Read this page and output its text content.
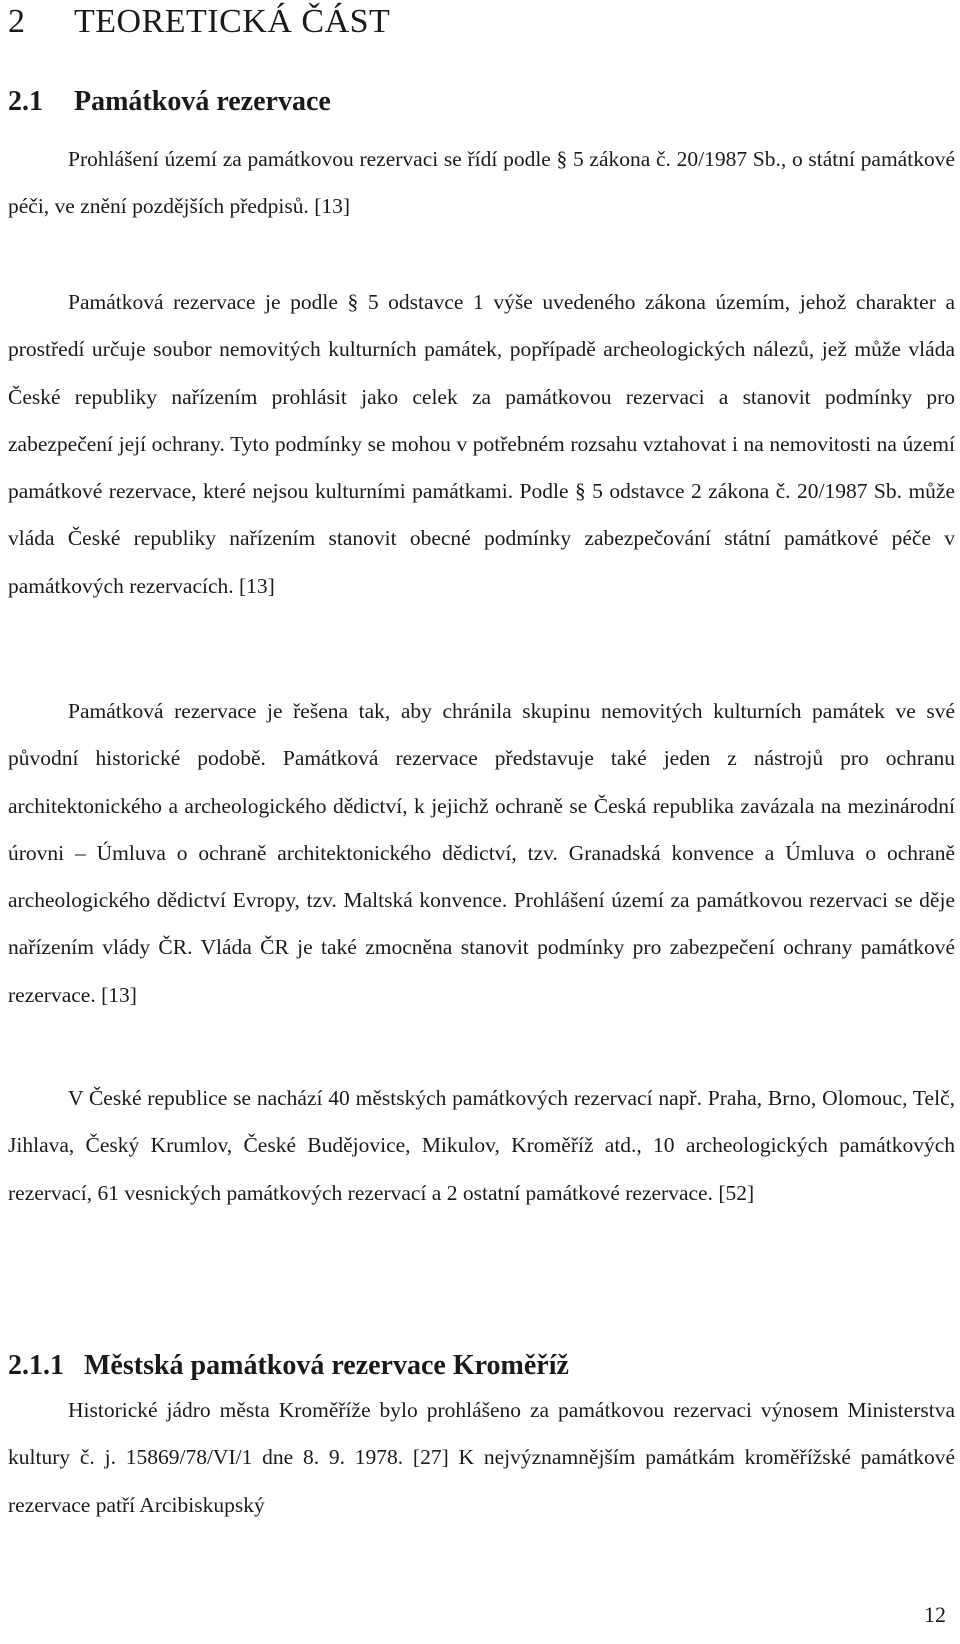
2 TEORETICKÁ ČÁST
2.1 Památková rezervace

Prohlášení území za památkovou rezervaci se řídí podle § 5 zákona č. 20/1987 Sb., o státní památkové péči, ve znění pozdějších předpisů. [13]

Památková rezervace je podle § 5 odstavce 1 výše uvedeného zákona územím, jehož charakter a prostředí určuje soubor nemovitých kulturních památek, popřípadě archeologických nálezů, jež může vláda České republiky nařízením prohlásit jako celek za památkovou rezervaci a stanovit podmínky pro zabezpečení její ochrany. Tyto podmínky se mohou v potřebném rozsahu vztahovat i na nemovitosti na území památkové rezervace, které nejsou kulturními památkami. Podle § 5 odstavce 2 zákona č. 20/1987 Sb. může vláda České republiky nařízením stanovit obecné podmínky zabezpečování státní památkové péče v památkových rezervacích. [13]

Památková rezervace je řešena tak, aby chránila skupinu nemovitých kulturních památek ve své původní historické podobě. Památková rezervace představuje také jeden z nástrojů pro ochranu architektonického a archeologického dědictví, k jejichž ochraně se Česká republika zavázala na mezinárodní úrovni – Úmluva o ochraně architektonického dědictví, tzv. Granadská konvence a Úmluva o ochraně archeologického dědictví Evropy, tzv. Maltská konvence. Prohlášení území za památkovou rezervaci se děje nařízením vlády ČR. Vláda ČR je také zmocněna stanovit podmínky pro zabezpečení ochrany památkové rezervace. [13]

V České republice se nachází 40 městských památkových rezervací např. Praha, Brno, Olomouc, Telč, Jihlava, Český Krumlov, České Budějovice, Mikulov, Kroměříž atd., 10 archeologických památkových rezervací, 61 vesnických památkových rezervací a 2 ostatní památkové rezervace. [52]

2.1.1 Městská památková rezervace Kroměříž

Historické jádro města Kroměříže bylo prohlášeno za památkovou rezervaci výnosem Ministerstva kultury č. j. 15869/78/VI/1 dne 8. 9. 1978. [27] K nejvýznamnějším památkám kroměřížské památkové rezervace patří Arcibiskupský

12
